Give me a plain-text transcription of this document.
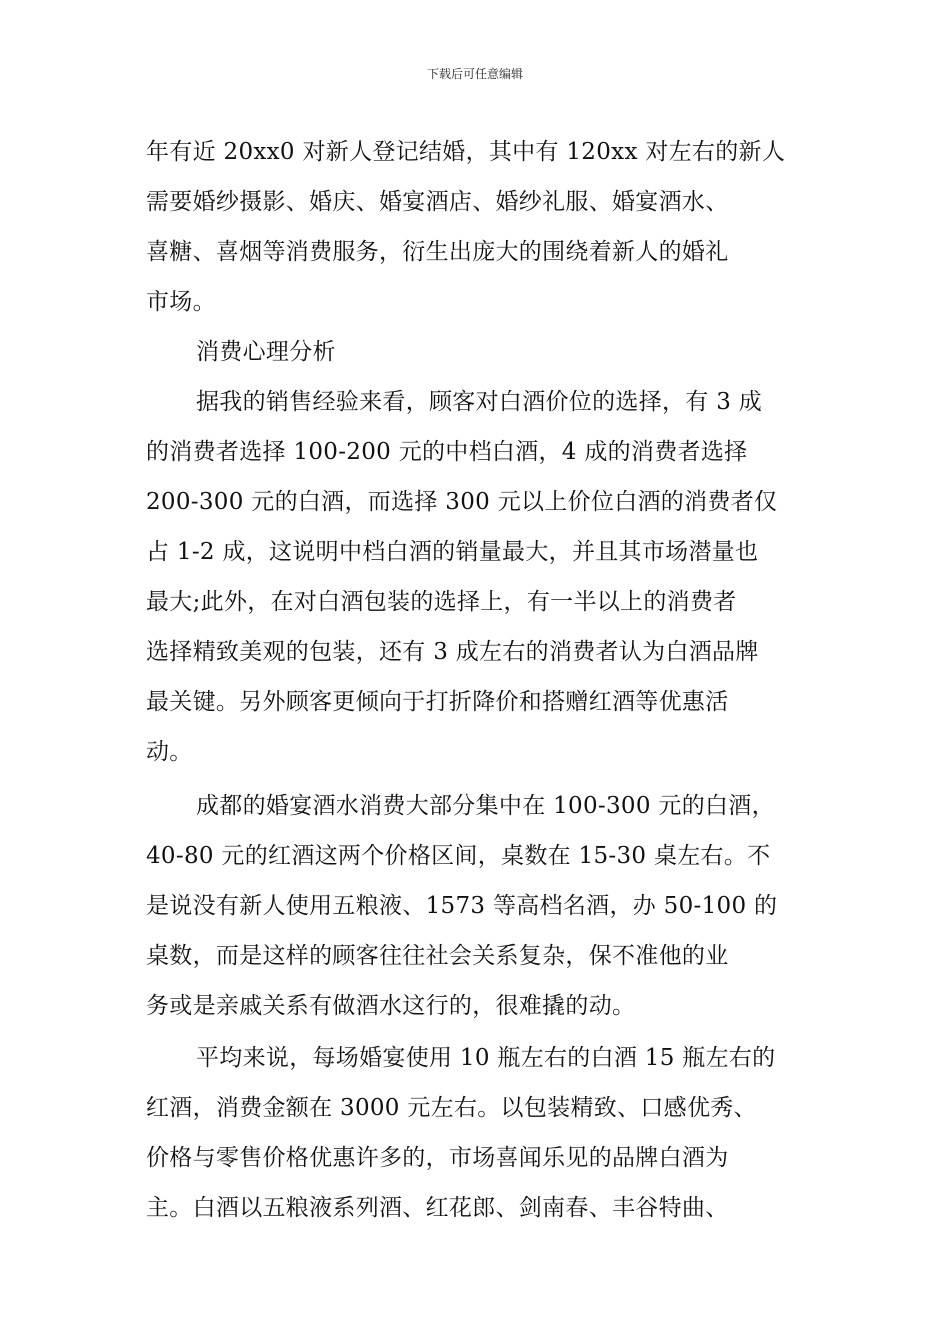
下载后可任意编辑
年有近 20xx0 对新人登记结婚，其中有 120xx 对左右的新人
需要婚纱摄影、婚庆、婚宴酒店、婚纱礼服、婚宴酒水、
喜糖、喜烟等消费服务，衍生出庞大的围绕着新人的婚礼
市场。
消费心理分析
据我的销售经验来看，顾客对白酒价位的选择，有 3 成
的消费者选择 100-200 元的中档白酒，4 成的消费者选择
200-300 元的白酒，而选择 300 元以上价位白酒的消费者仅
占 1-2 成，这说明中档白酒的销量最大，并且其市场潜量也
最大;此外，在对白酒包装的选择上，有一半以上的消费者
选择精致美观的包装，还有 3 成左右的消费者认为白酒品牌
最关键。另外顾客更倾向于打折降价和搭赠红酒等优惠活
动。
成都的婚宴酒水消费大部分集中在 100-300 元的白酒，
40-80 元的红酒这两个价格区间，桌数在 15-30 桌左右。不
是说没有新人使用五粮液、1573 等高档名酒，办 50-100 的
桌数，而是这样的顾客往往社会关系复杂，保不准他的业
务或是亲戚关系有做酒水这行的，很难撬的动。
平均来说，每场婚宴使用 10 瓶左右的白酒 15 瓶左右的
红酒，消费金额在 3000 元左右。以包装精致、口感优秀、
价格与零售价格优惠许多的，市场喜闻乐见的品牌白酒为
主。白酒以五粮液系列酒、红花郎、剑南春、丰谷特曲、
